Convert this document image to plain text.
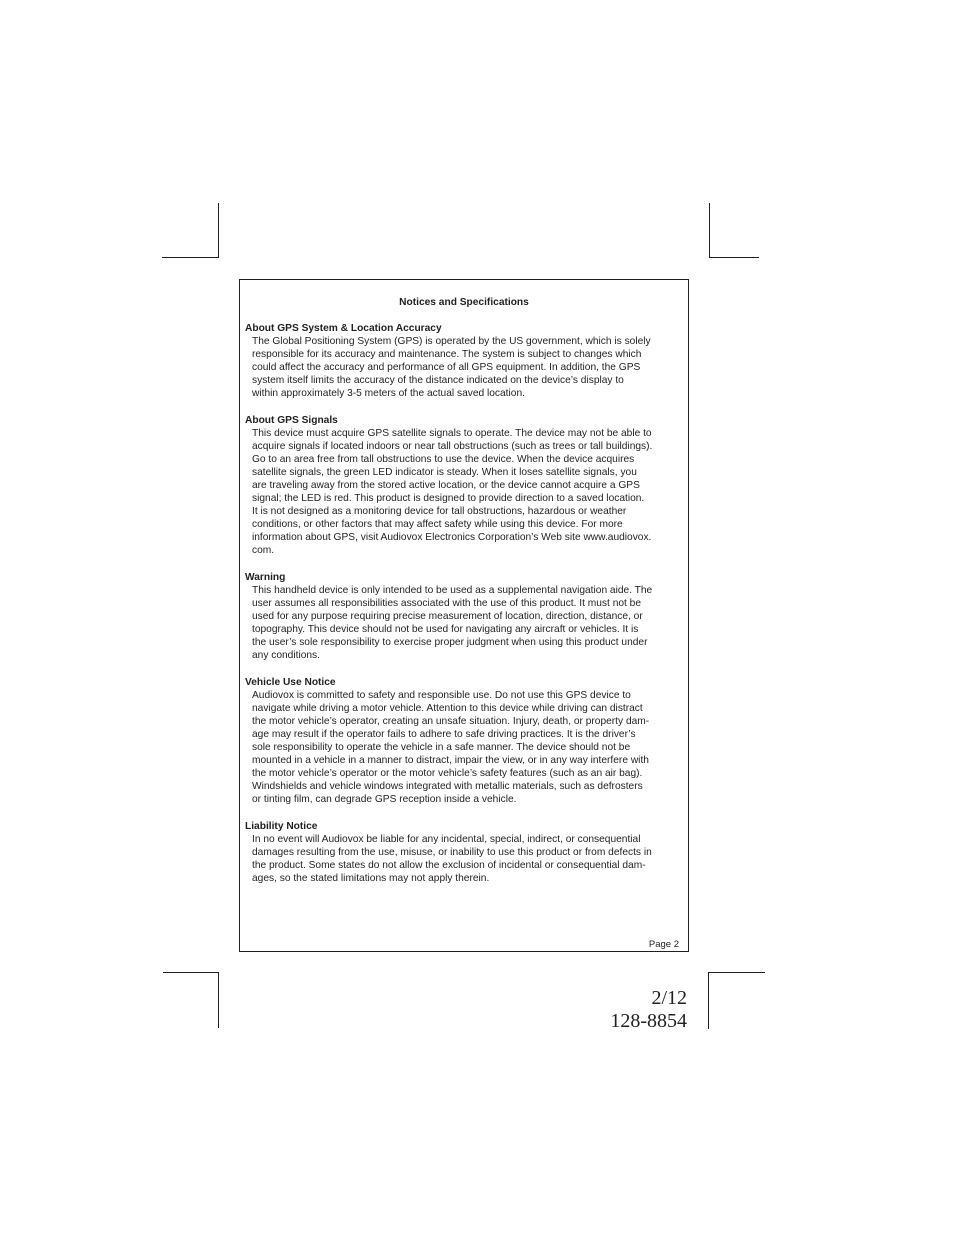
Notices and Specifications

About GPS System & Location Accuracy

The Global Positioning System (GPS) is operated by the US government, which is solely
responsible for its accuracy and maintenance. The system is subject to changes which
could affect the accuracy and performance of all GPS equipment. In addition, the GPS
system itself limits the accuracy of the distance indicated on the device’s display to
within approximately 3-5 meters of the actual saved location.

About GPS Signals

This device must acquire GPS satellite signals to operate. The device may not be able to
acquire signals if located indoors or near tall obstructions (such as trees or tall buildings).
Go to an area free from tall obstructions to use the device. When the device acquires
satellite signals, the green LED indicator is steady. When it loses satellite signals, you
are traveling away from the stored active location, or the device cannot acquire a GPS
signal; the LED is red. This product is designed to provide direction to a saved location.
It is not designed as a monitoring device for tall obstructions, hazardous or weather
conditions, or other factors that may affect safety while using this device. For more
information about GPS, visit Audiovox Electronics Corporation’s Web site www.audiovox.
com.

Warning

This handheld device is only intended to be used as a supplemental navigation aide. The
user assumes all responsibilities associated with the use of this product. It must not be
used for any purpose requiring precise measurement of location, direction, distance, or
topography. This device should not be used for navigating any aircraft or vehicles. It is
the user’s sole responsibility to exercise proper judgment when using this product under
any conditions.

Vehicle Use Notice

Audiovox is committed to safety and responsible use. Do not use this GPS device to
navigate while driving a motor vehicle. Attention to this device while driving can distract
the motor vehicle’s operator, creating an unsafe situation. Injury, death, or property dam-
age may result if the operator fails to adhere to safe driving practices. It is the driver’s
sole responsibility to operate the vehicle in a safe manner. The device should not be
mounted in a vehicle in a manner to distract, impair the view, or in any way interfere with
the motor vehicle’s operator or the motor vehicle’s safety features (such as an air bag).
Windshields and vehicle windows integrated with metallic materials, such as defrosters
or tinting film, can degrade GPS reception inside a vehicle.

Liability Notice

In no event will Audiovox be liable for any incidental, special, indirect, or consequential
damages resulting from the use, misuse, or inability to use this product or from defects in
the product. Some states do not allow the exclusion of incidental or consequential dam-
ages, so the stated limitations may not apply therein.

Page 2
2/12
128-8854
